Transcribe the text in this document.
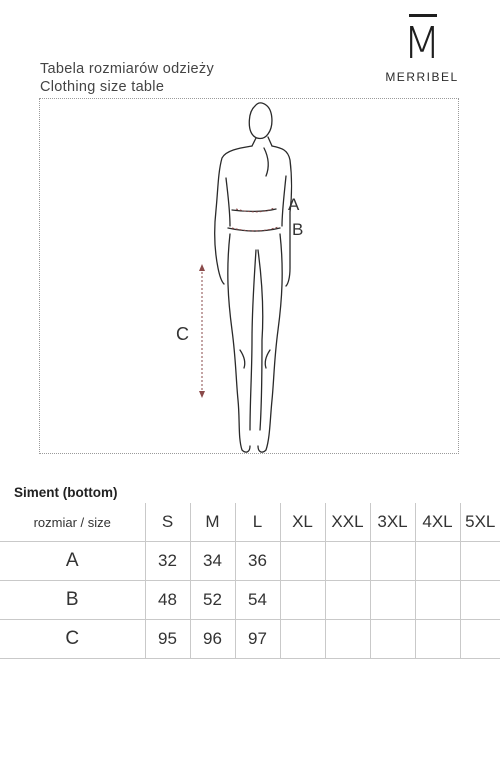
M
MERRIBEL
Tabela rozmiarów odzieży
Clothing size table
A
B
C
Siment (bottom)
rozmiar / size	S	M	L	XL	XXL	3XL	4XL	5XL
A	32	34	36					
B	48	52	54					
C	95	96	97					
